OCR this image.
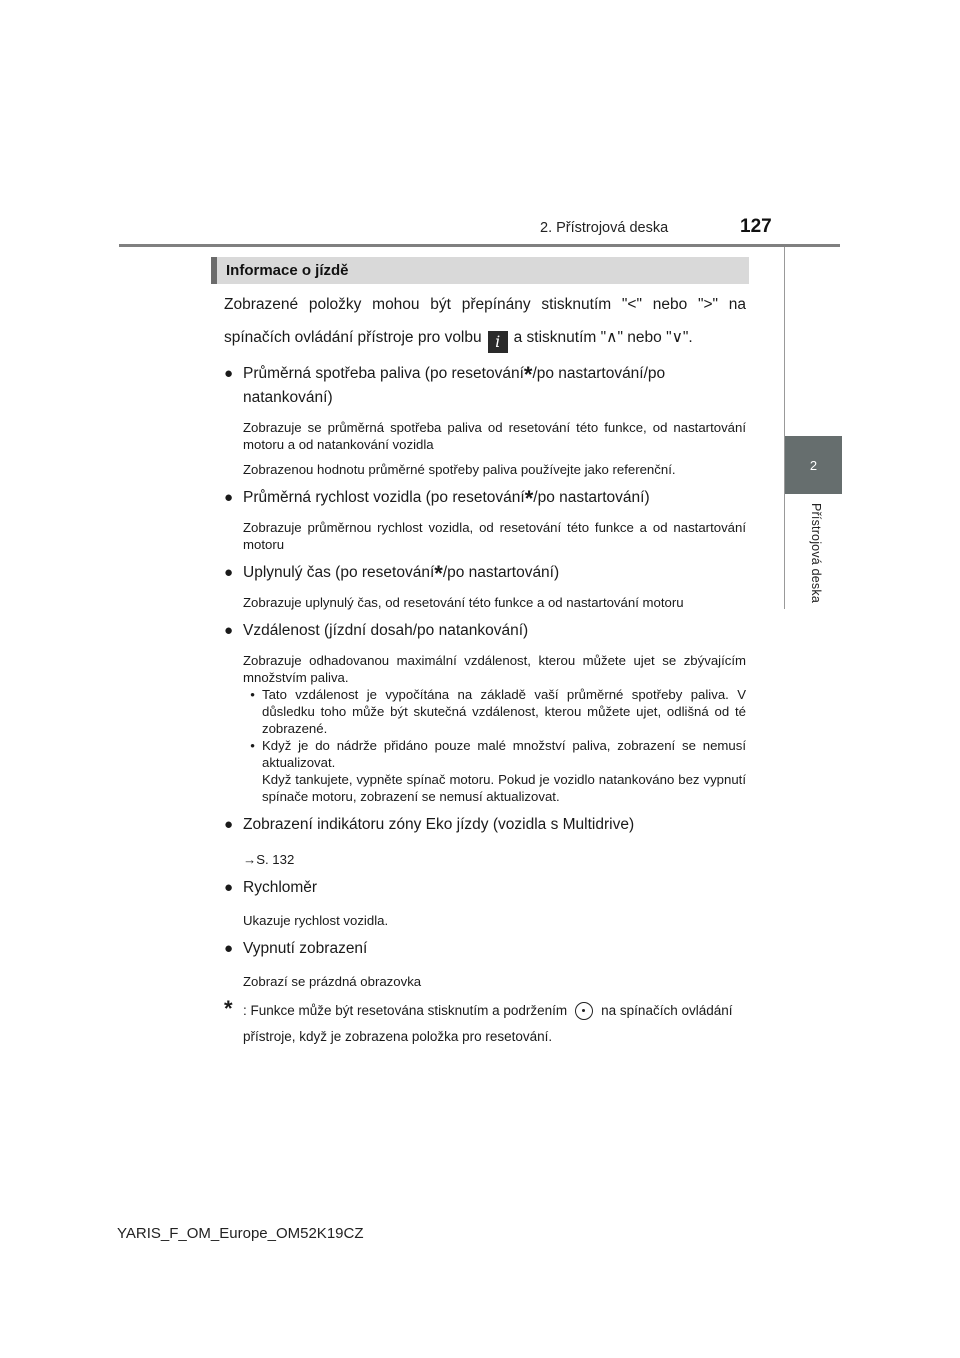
2. Přístrojová deska	127
2
Přístrojová deska
Informace o jízdě

Zobrazené položky mohou být přepínány stisknutím "<" nebo ">" na spínačích ovládání přístroje pro volbu i a stisknutím "∧" nebo "∨".

● Průměrná spotřeba paliva (po resetování*/po nastartování/po natankování)
Zobrazuje se průměrná spotřeba paliva od resetování této funkce, od nastartování motoru a od natankování vozidla
Zobrazenou hodnotu průměrné spotřeby paliva používejte jako referenční.
● Průměrná rychlost vozidla (po resetování*/po nastartování)
Zobrazuje průměrnou rychlost vozidla, od resetování této funkce a od nastartování motoru
● Uplynulý čas (po resetování*/po nastartování)
Zobrazuje uplynulý čas, od resetování této funkce a od nastartování motoru
● Vzdálenost (jízdní dosah/po natankování)
Zobrazuje odhadovanou maximální vzdálenost, kterou můžete ujet se zbývajícím množstvím paliva.
• Tato vzdálenost je vypočítána na základě vaší průměrné spotřeby paliva. V důsledku toho může být skutečná vzdálenost, kterou můžete ujet, odlišná od té zobrazené.
• Když je do nádrže přidáno pouze malé množství paliva, zobrazení se nemusí aktualizovat.
Když tankujete, vypněte spínač motoru. Pokud je vozidlo natankováno bez vypnutí spínače motoru, zobrazení se nemusí aktualizovat.
● Zobrazení indikátoru zóny Eko jízdy (vozidla s Multidrive)
→S. 132
● Rychloměr
Ukazuje rychlost vozidla.
● Vypnutí zobrazení
Zobrazí se prázdná obrazovka
* : Funkce může být resetována stisknutím a podržením	na spínačích ovládání přístroje, když je zobrazena položka pro resetování.
YARIS_F_OM_Europe_OM52K19CZ
